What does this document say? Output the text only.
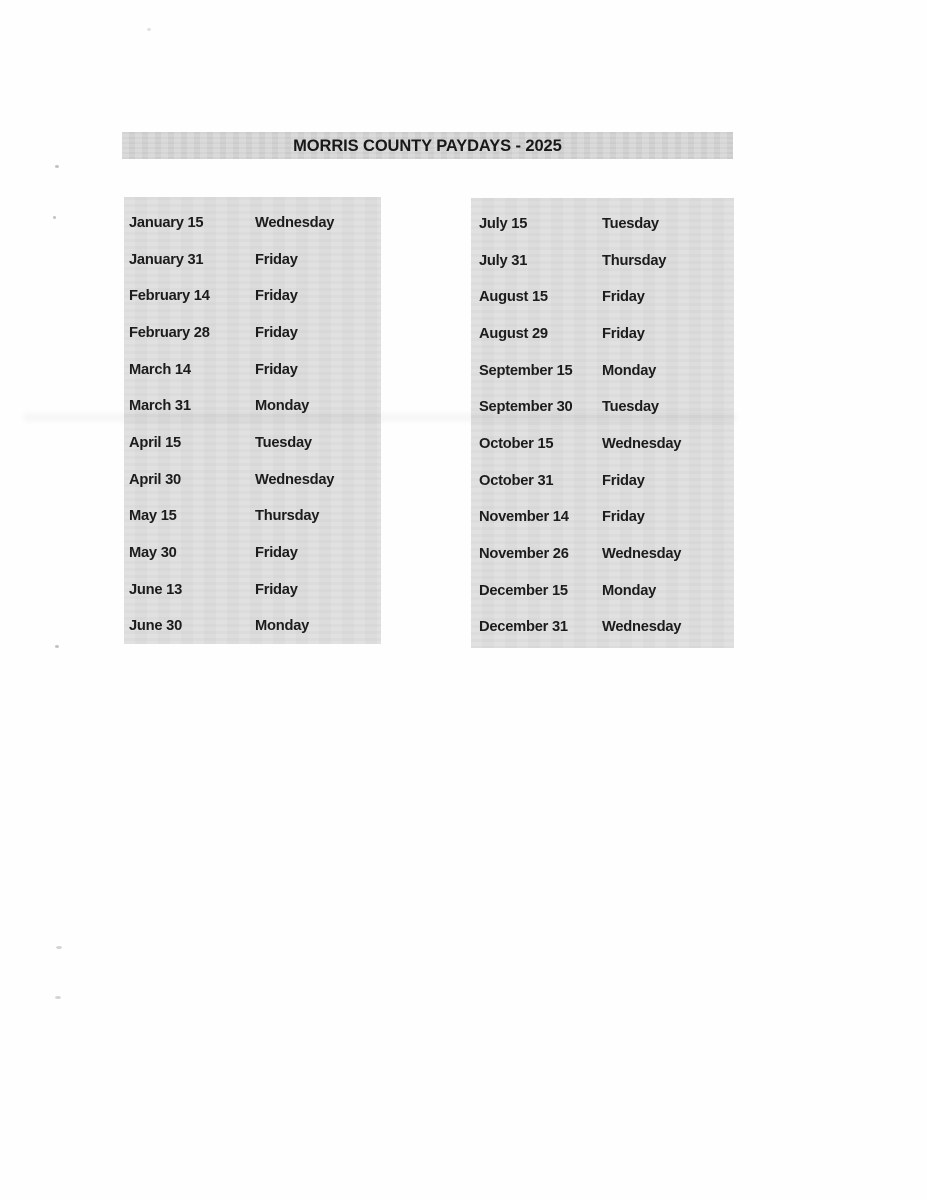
MORRIS COUNTY PAYDAYS - 2025
January 15	Wednesday
January 31	Friday
February 14	Friday
February 28	Friday
March 14	Friday
March 31	Monday
April 15	Tuesday
April 30	Wednesday
May 15	Thursday
May 30	Friday
June 13	Friday
June 30	Monday
July 15	Tuesday
July 31	Thursday
August 15	Friday
August 29	Friday
September 15	Monday
September 30	Tuesday
October 15	Wednesday
October 31	Friday
November 14	Friday
November 26	Wednesday
December 15	Monday
December 31	Wednesday
